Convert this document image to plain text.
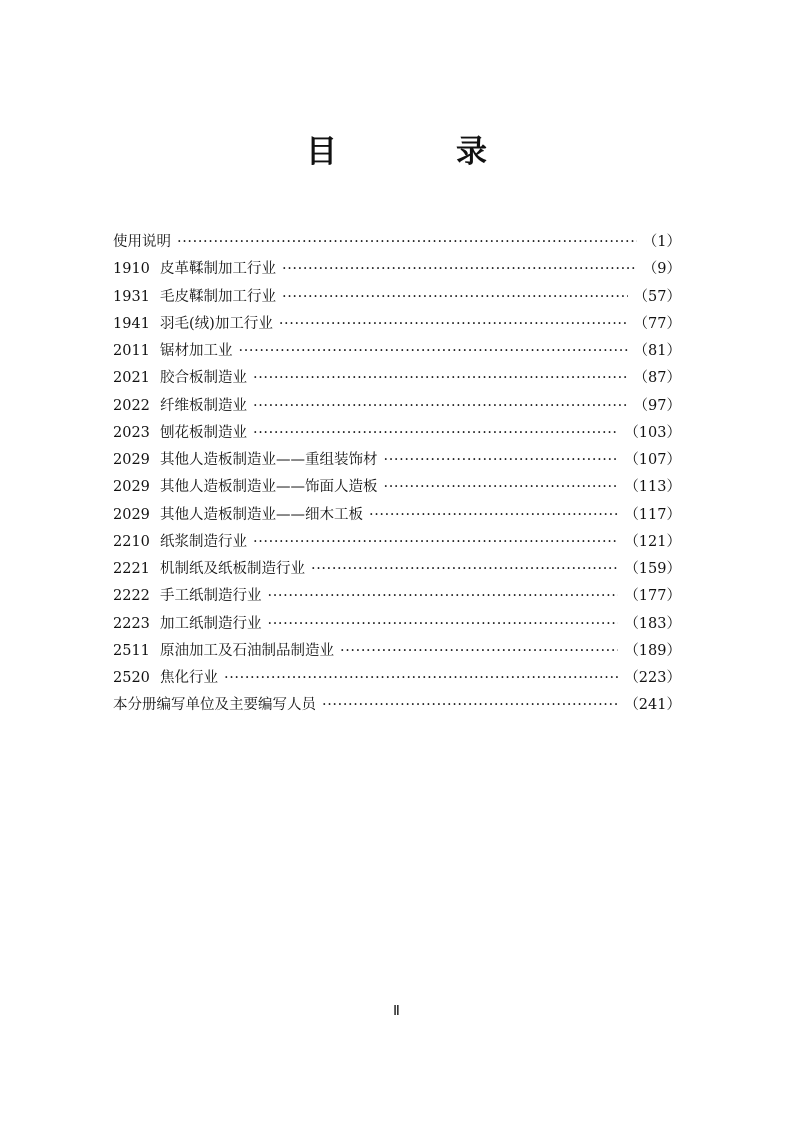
目　录
使用说明 ·····	（1）
1910 皮革鞣制加工行业 ·····	（9）
1931 毛皮鞣制加工行业 ·····	（57）
1941 羽毛(绒)加工行业 ·····	（77）
2011 锯材加工业 ·····	（81）
2021 胶合板制造业 ·····	（87）
2022 纤维板制造业 ·····	（97）
2023 刨花板制造业 ·····	（103）
2029 其他人造板制造业——重组装饰材 ·····	（107）
2029 其他人造板制造业——饰面人造板 ·····	（113）
2029 其他人造板制造业——细木工板 ·····	（117）
2210 纸浆制造行业 ·····	（121）
2221 机制纸及纸板制造行业 ·····	（159）
2222 手工纸制造行业 ·····	（177）
2223 加工纸制造行业 ·····	（183）
2511 原油加工及石油制品制造业 ·····	（189）
2520 焦化行业 ·····	（223）
本分册编写单位及主要编写人员 ·····	（241）
Ⅱ
